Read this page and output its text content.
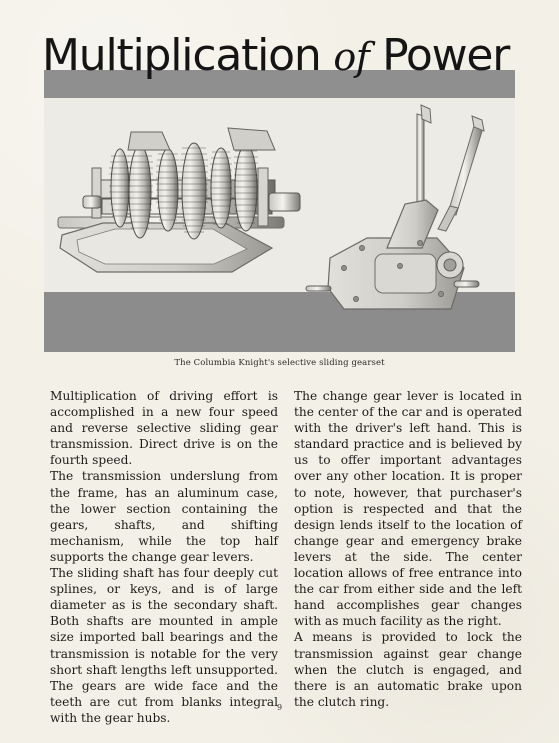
Multiplication of Power
The Columbia Knight's selective sliding gearset

Multiplication of driving effort is accomplished in a new four speed and reverse selective sliding gear transmission. Direct drive is on the fourth speed.

The transmission underslung from the frame, has an aluminum case, the lower section containing the gears, shafts, and shifting mechanism, while the top half supports the change gear levers.

The sliding shaft has four deeply cut splines, or keys, and is of large diameter as is the secondary shaft. Both shafts are mounted in ample size imported ball bearings and the transmission is notable for the very short shaft lengths left unsupported. The gears are wide face and the teeth are cut from blanks integral with the gear hubs.

The change gear lever is located in the center of the car and is operated with the driver's left hand. This is standard practice and is believed by us to offer important advantages over any other location. It is proper to note, however, that purchaser's option is respected and that the design lends itself to the location of change gear and emergency brake levers at the side. The center location allows of free entrance into the car from either side and the left hand accomplishes gear changes with as much facility as the right.

A means is provided to lock the transmission against gear change when the clutch is engaged, and there is an automatic brake upon the clutch ring.

9
